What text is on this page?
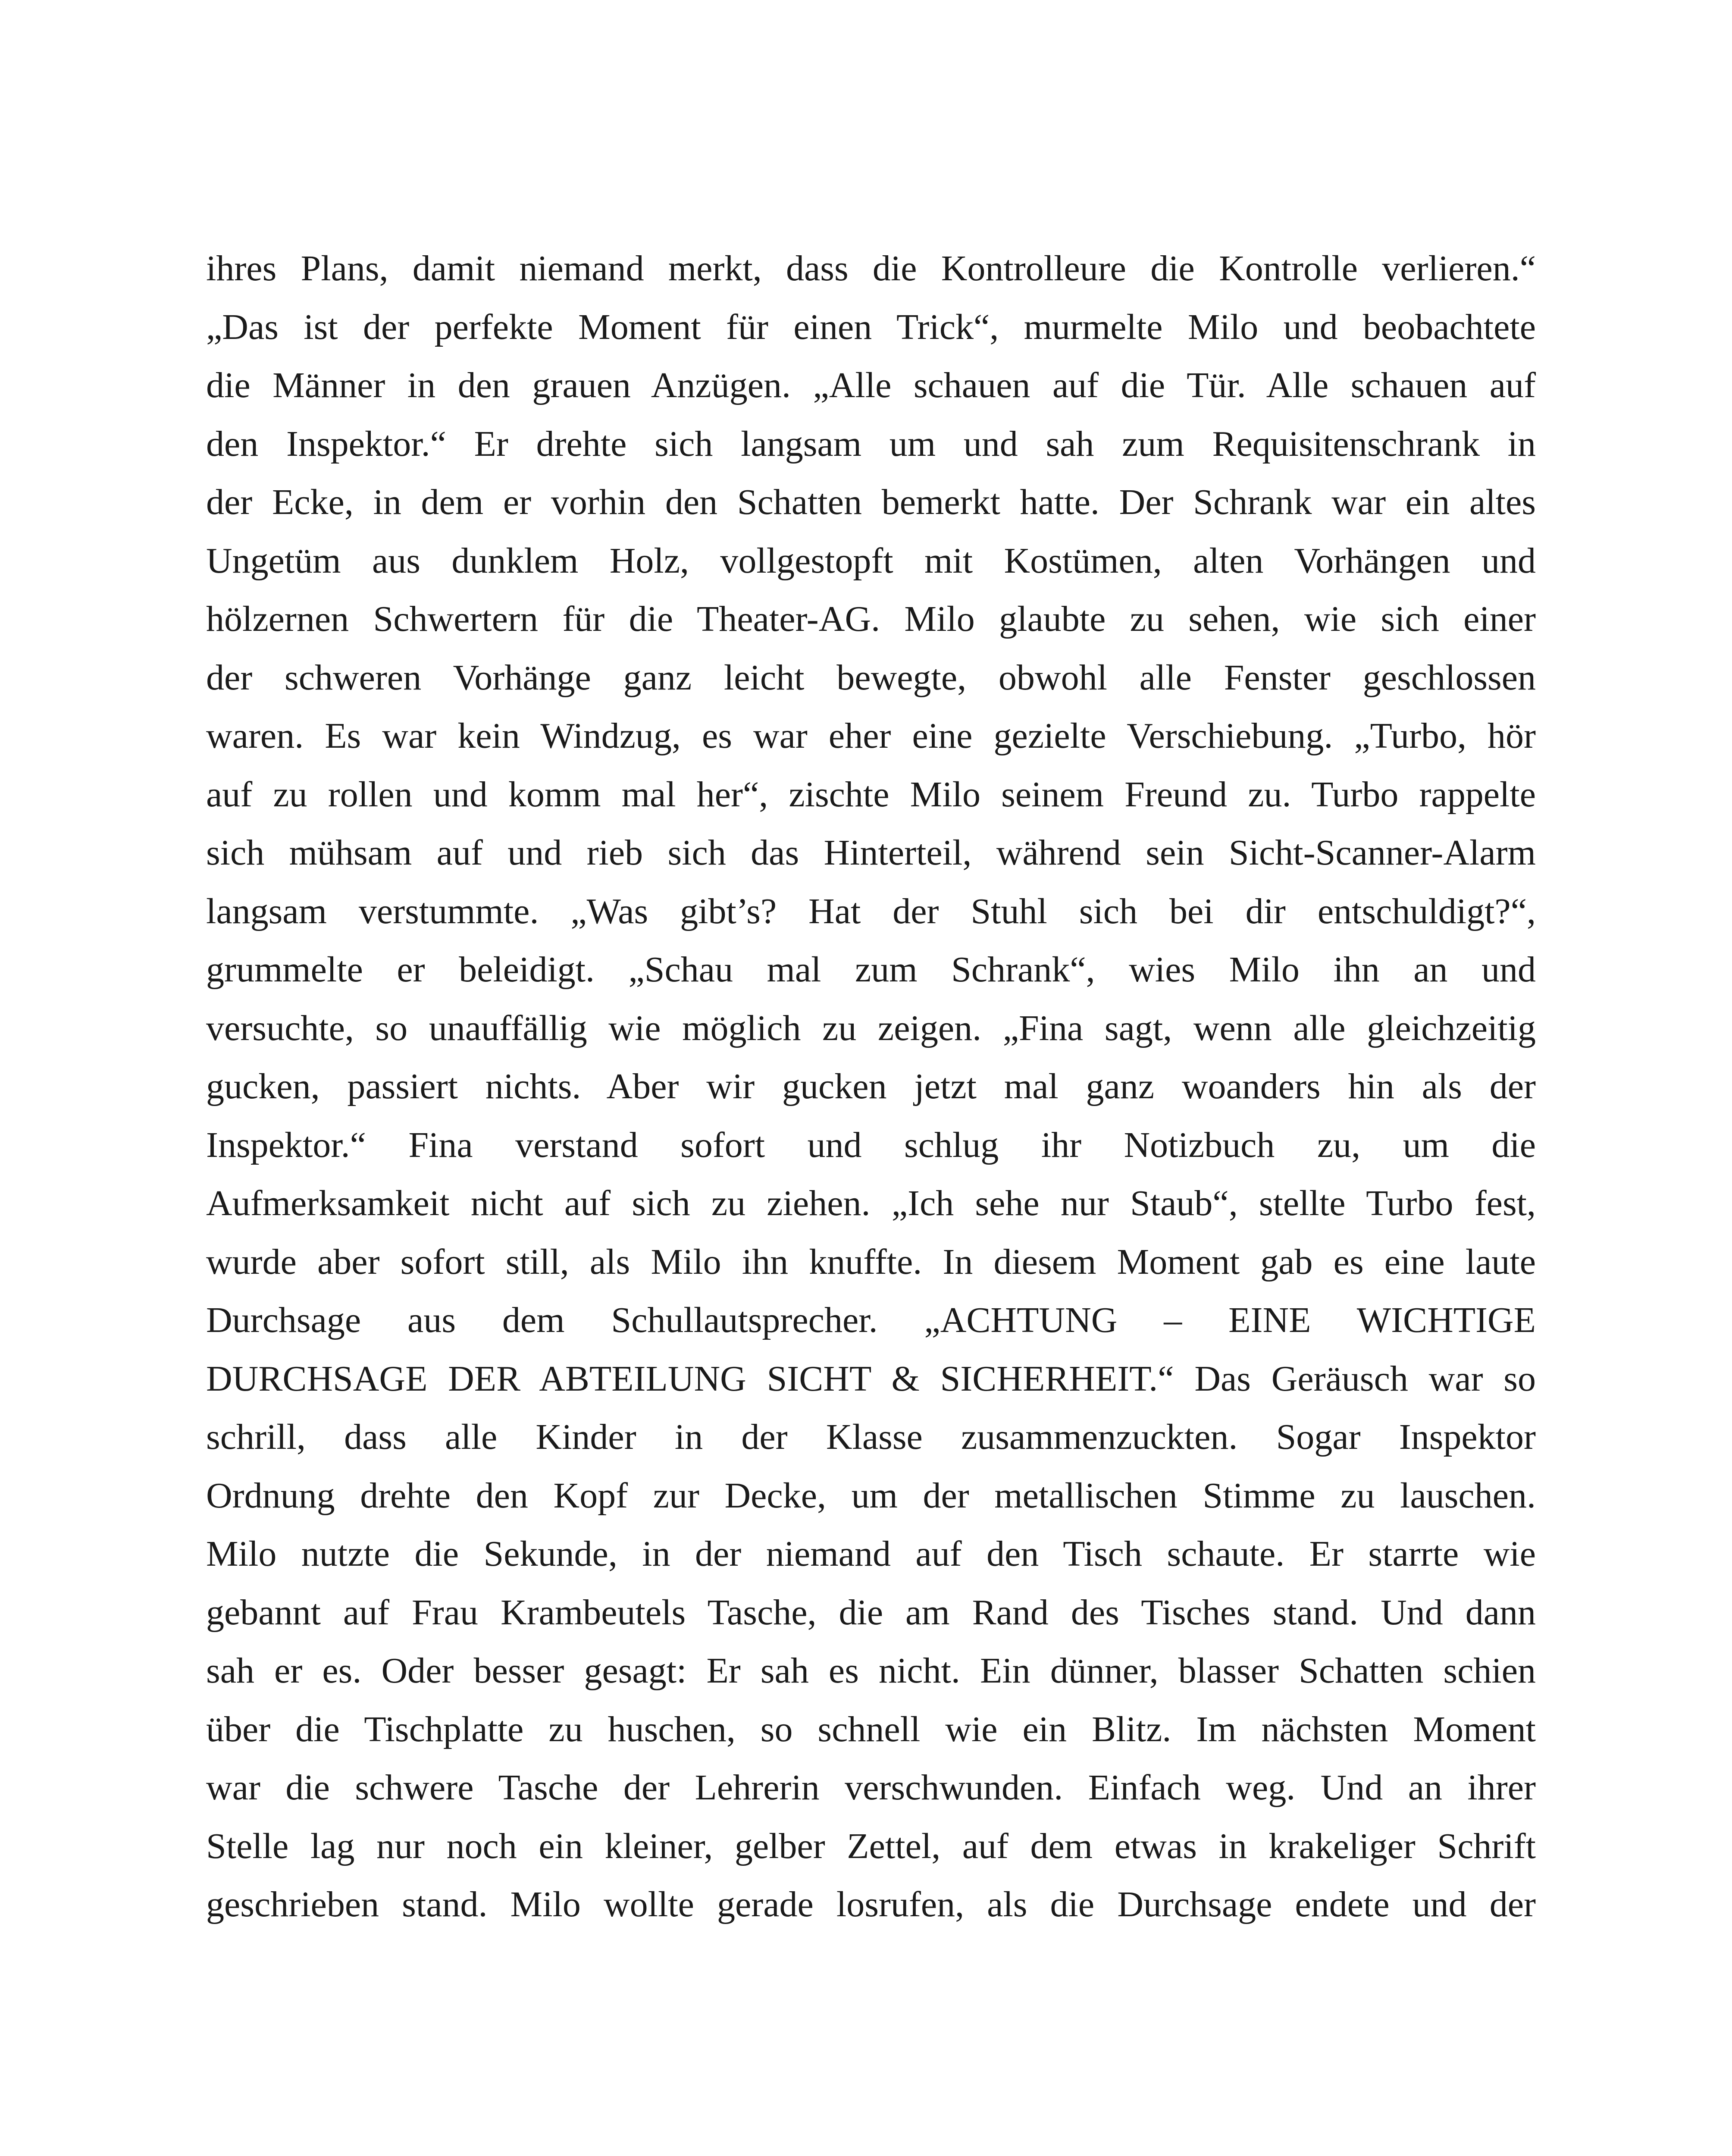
ihres Plans, damit niemand merkt, dass die Kontrolleure die Kontrolle verlieren.“
„Das ist der perfekte Moment für einen Trick“, murmelte Milo und beobachtete
die Männer in den grauen Anzügen. „Alle schauen auf die Tür. Alle schauen auf
den Inspektor.“ Er drehte sich langsam um und sah zum Requisitenschrank in
der Ecke, in dem er vorhin den Schatten bemerkt hatte. Der Schrank war ein altes
Ungetüm aus dunklem Holz, vollgestopft mit Kostümen, alten Vorhängen und
hölzernen Schwertern für die Theater-AG. Milo glaubte zu sehen, wie sich einer
der schweren Vorhänge ganz leicht bewegte, obwohl alle Fenster geschlossen
waren. Es war kein Windzug, es war eher eine gezielte Verschiebung. „Turbo, hör
auf zu rollen und komm mal her“, zischte Milo seinem Freund zu. Turbo rappelte
sich mühsam auf und rieb sich das Hinterteil, während sein Sicht-Scanner-Alarm
langsam verstummte. „Was gibt’s? Hat der Stuhl sich bei dir entschuldigt?“,
grummelte er beleidigt. „Schau mal zum Schrank“, wies Milo ihn an und
versuchte, so unauffällig wie möglich zu zeigen. „Fina sagt, wenn alle gleichzeitig
gucken, passiert nichts. Aber wir gucken jetzt mal ganz woanders hin als der
Inspektor.“ Fina verstand sofort und schlug ihr Notizbuch zu, um die
Aufmerksamkeit nicht auf sich zu ziehen. „Ich sehe nur Staub“, stellte Turbo fest,
wurde aber sofort still, als Milo ihn knuffte. In diesem Moment gab es eine laute
Durchsage aus dem Schullautsprecher. „ACHTUNG – EINE WICHTIGE
DURCHSAGE DER ABTEILUNG SICHT & SICHERHEIT.“ Das Geräusch war so
schrill, dass alle Kinder in der Klasse zusammenzuckten. Sogar Inspektor
Ordnung drehte den Kopf zur Decke, um der metallischen Stimme zu lauschen.
Milo nutzte die Sekunde, in der niemand auf den Tisch schaute. Er starrte wie
gebannt auf Frau Krambeutels Tasche, die am Rand des Tisches stand. Und dann
sah er es. Oder besser gesagt: Er sah es nicht. Ein dünner, blasser Schatten schien
über die Tischplatte zu huschen, so schnell wie ein Blitz. Im nächsten Moment
war die schwere Tasche der Lehrerin verschwunden. Einfach weg. Und an ihrer
Stelle lag nur noch ein kleiner, gelber Zettel, auf dem etwas in krakeliger Schrift
geschrieben stand. Milo wollte gerade losrufen, als die Durchsage endete und der
